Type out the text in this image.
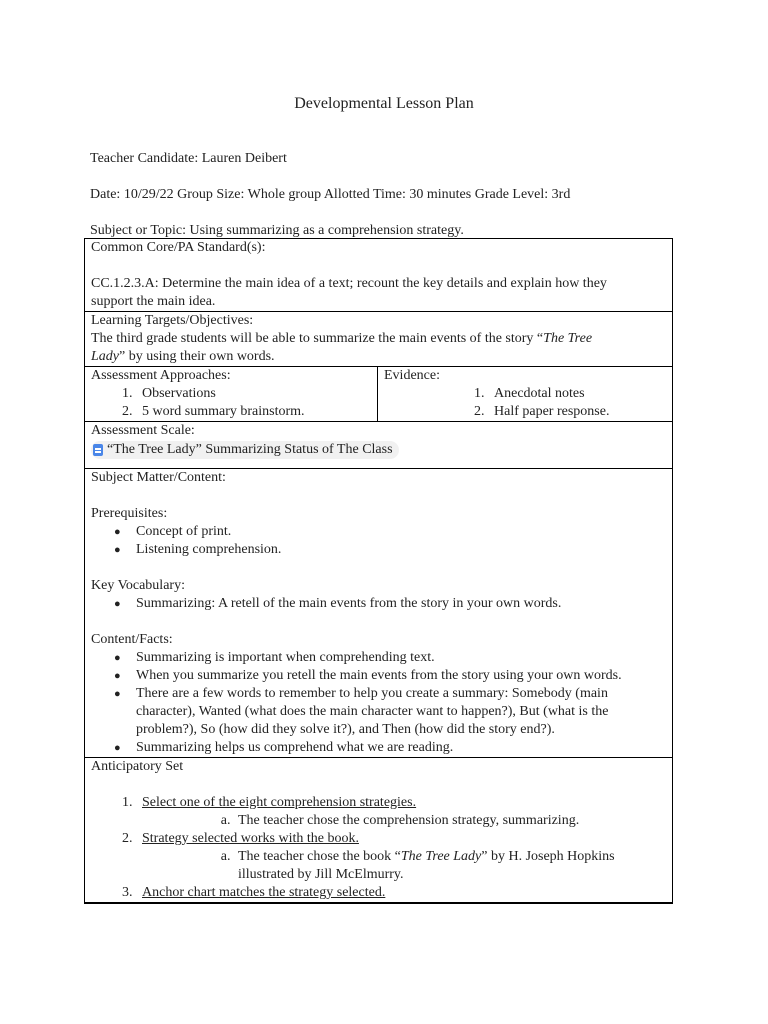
Developmental Lesson Plan
Teacher Candidate: Lauren Deibert
Date: 10/29/22 Group Size: Whole group Allotted Time: 30 minutes Grade Level: 3rd
Subject or Topic: Using summarizing as a comprehension strategy.
Common Core/PA Standard(s):
CC.1.2.3.A: Determine the main idea of a text; recount the key details and explain how they
support the main idea.
Learning Targets/Objectives:
The third grade students will be able to summarize the main events of the story “The Tree
Lady” by using their own words.
Assessment Approaches:
1. Observations
2. 5 word summary brainstorm.
Evidence:
1. Anecdotal notes
2. Half paper response.
Assessment Scale:
“The Tree Lady” Summarizing Status of The Class
Subject Matter/Content:
Prerequisites:
● Concept of print.
● Listening comprehension.
Key Vocabulary:
● Summarizing: A retell of the main events from the story in your own words.
Content/Facts:
● Summarizing is important when comprehending text.
● When you summarize you retell the main events from the story using your own words.
● There are a few words to remember to help you create a summary: Somebody (main character), Wanted (what does the main character want to happen?), But (what is the problem?), So (how did they solve it?), and Then (how did the story end?).
● Summarizing helps us comprehend what we are reading.
Anticipatory Set
1. Select one of the eight comprehension strategies.
a. The teacher chose the comprehension strategy, summarizing.
2. Strategy selected works with the book.
a. The teacher chose the book “The Tree Lady” by H. Joseph Hopkins illustrated by Jill McElmurry.
3. Anchor chart matches the strategy selected.
